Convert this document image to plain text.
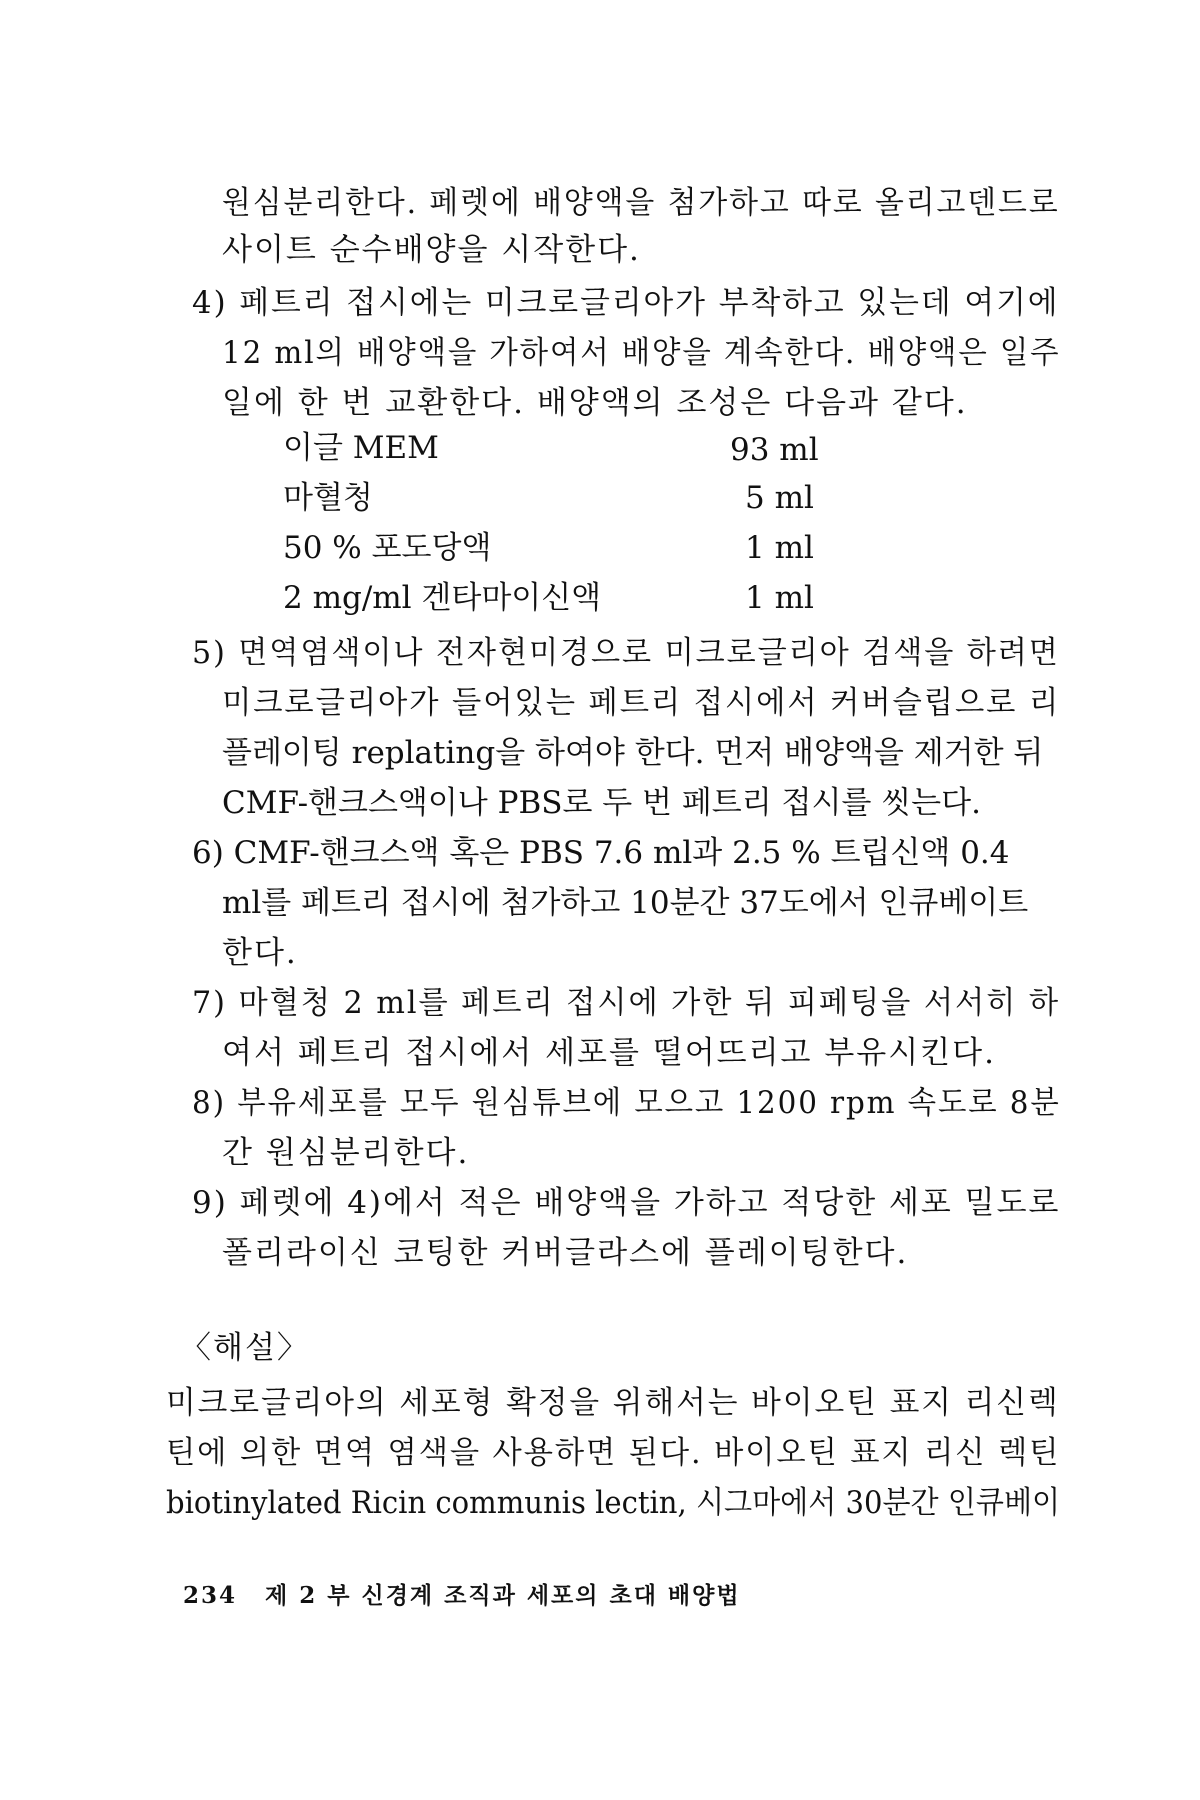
원심분리한다. 페렛에 배양액을 첨가하고 따로 올리고덴드로
사이트 순수배양을 시작한다.
4) 페트리 접시에는 미크로글리아가 부착하고 있는데 여기에
12 ml의 배양액을 가하여서 배양을 계속한다. 배양액은 일주
일에 한 번 교환한다. 배양액의 조성은 다음과 같다.
이글 MEM	93 ml
마혈청	5 ml
50 % 포도당액	1 ml
2 mg/ml 겐타마이신액	1 ml
5) 면역염색이나 전자현미경으로 미크로글리아 검색을 하려면
미크로글리아가 들어있는 페트리 접시에서 커버슬립으로 리
플레이팅 replating을 하여야 한다. 먼저 배양액을 제거한 뒤
CMF-핸크스액이나 PBS로 두 번 페트리 접시를 씻는다.
6) CMF-핸크스액 혹은 PBS 7.6 ml과 2.5 % 트립신액 0.4
ml를 페트리 접시에 첨가하고 10분간 37도에서 인큐베이트
한다.
7) 마혈청 2 ml를 페트리 접시에 가한 뒤 피페팅을 서서히 하
여서 페트리 접시에서 세포를 떨어뜨리고 부유시킨다.
8) 부유세포를 모두 원심튜브에 모으고 1200 rpm 속도로 8분
간 원심분리한다.
9) 페렛에 4)에서 적은 배양액을 가하고 적당한 세포 밀도로
폴리라이신 코팅한 커버글라스에 플레이팅한다.
〈해설〉
미크로글리아의 세포형 확정을 위해서는 바이오틴 표지 리신렉
틴에 의한 면역 염색을 사용하면 된다. 바이오틴 표지 리신 렉틴
biotinylated Ricin communis lectin, 시그마에서 30분간 인큐베이
234 제 2 부 신경계 조직과 세포의 초대 배양법
